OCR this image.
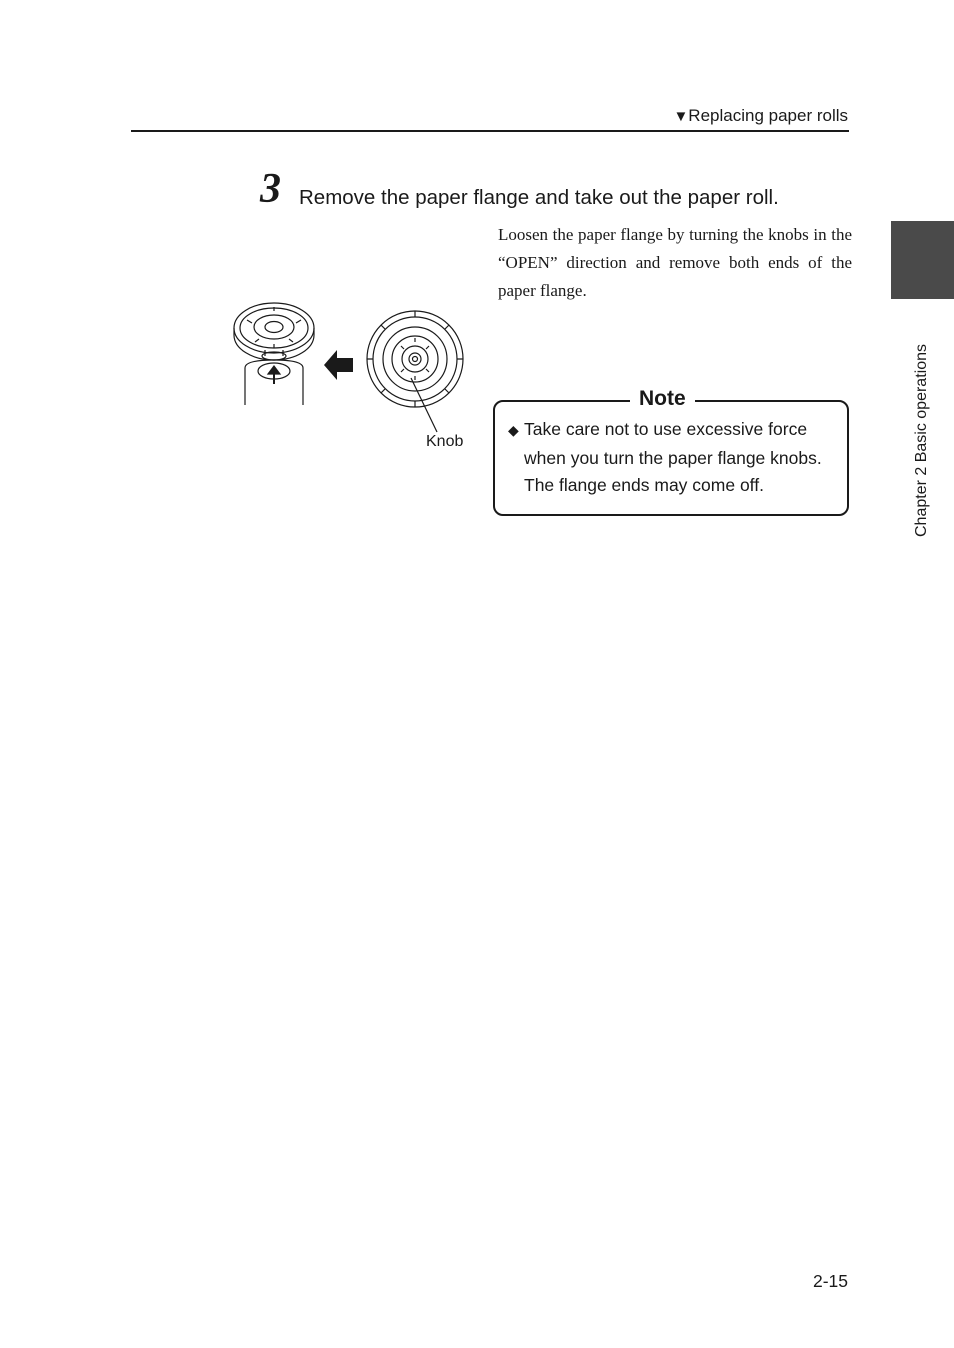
▼Replacing paper rolls
3 Remove the paper flange and take out the paper roll.
Loosen the paper flange by turning the knobs in the “OPEN” direction and remove both ends of the paper flange.
Knob
Note
◆ Take care not to use excessive force
when you turn the paper flange knobs.
The flange ends may come off.	Chapter 2 Basic operations
2-15
